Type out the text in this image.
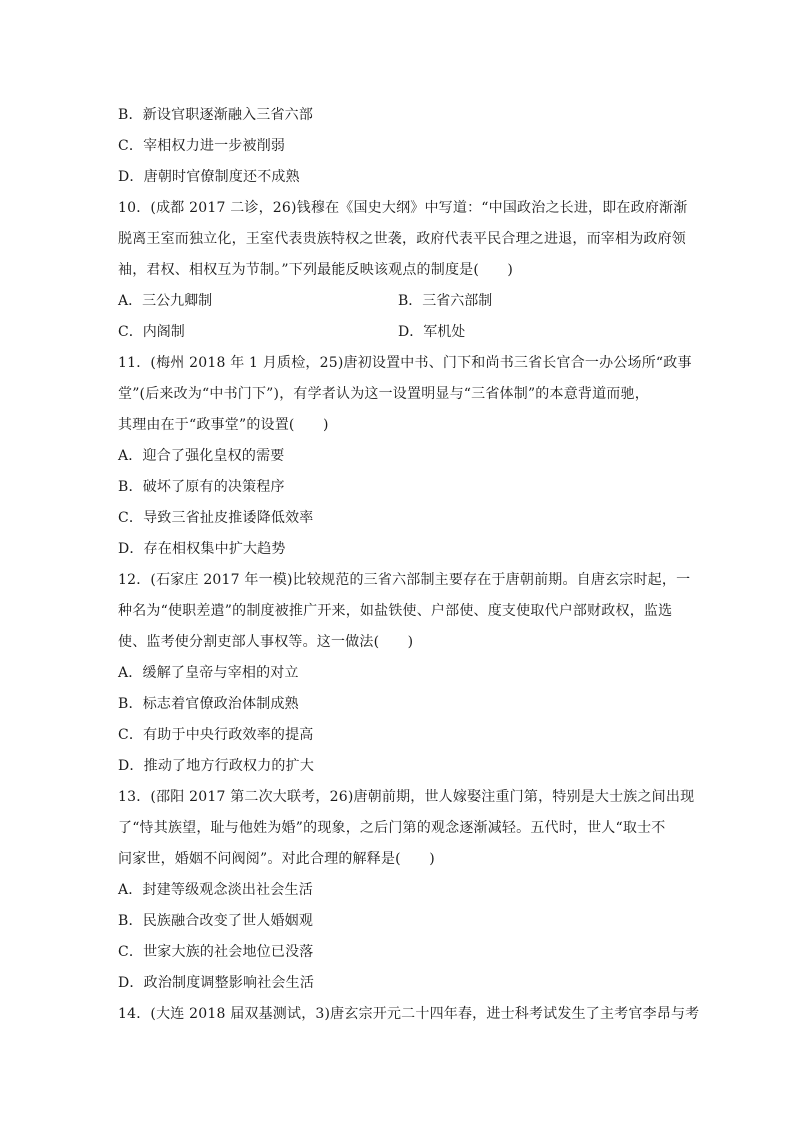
B．新设官职逐渐融入三省六部
C．宰相权力进一步被削弱
D．唐朝时官僚制度还不成熟
10．(成都 2017 二诊，26)钱穆在《国史大纲》中写道：“中国政治之长进，即在政府渐渐
脱离王室而独立化，王室代表贵族特权之世袭，政府代表平民合理之进退，而宰相为政府领
袖，君权、相权互为节制。”下列最能反映该观点的制度是(　　)
A．三公九卿制	B．三省六部制
C．内阁制	D．军机处
11．(梅州 2018 年 1 月质检，25)唐初设置中书、门下和尚书三省长官合一办公场所“政事
堂”(后来改为“中书门下”)，有学者认为这一设置明显与“三省体制”的本意背道而驰，
其理由在于“政事堂”的设置(　　)
A．迎合了强化皇权的需要
B．破坏了原有的决策程序
C．导致三省扯皮推诿降低效率
D．存在相权集中扩大趋势
12．(石家庄 2017 年一模)比较规范的三省六部制主要存在于唐朝前期。自唐玄宗时起，一
种名为“使职差遣”的制度被推广开来，如盐铁使、户部使、度支使取代户部财政权，监选
使、监考使分割吏部人事权等。这一做法(　　)
A．缓解了皇帝与宰相的对立
B．标志着官僚政治体制成熟
C．有助于中央行政效率的提高
D．推动了地方行政权力的扩大
13．(邵阳 2017 第二次大联考，26)唐朝前期，世人嫁娶注重门第，特别是大士族之间出现
了“恃其族望，耻与他姓为婚”的现象，之后门第的观念逐渐减轻。五代时，世人“取士不
问家世，婚姻不问阀阅”。对此合理的解释是(　　)
A．封建等级观念淡出社会生活
B．民族融合改变了世人婚姻观
C．世家大族的社会地位已没落
D．政治制度调整影响社会生活
14．(大连 2018 届双基测试，3)唐玄宗开元二十四年春，进士科考试发生了主考官李昂与考
